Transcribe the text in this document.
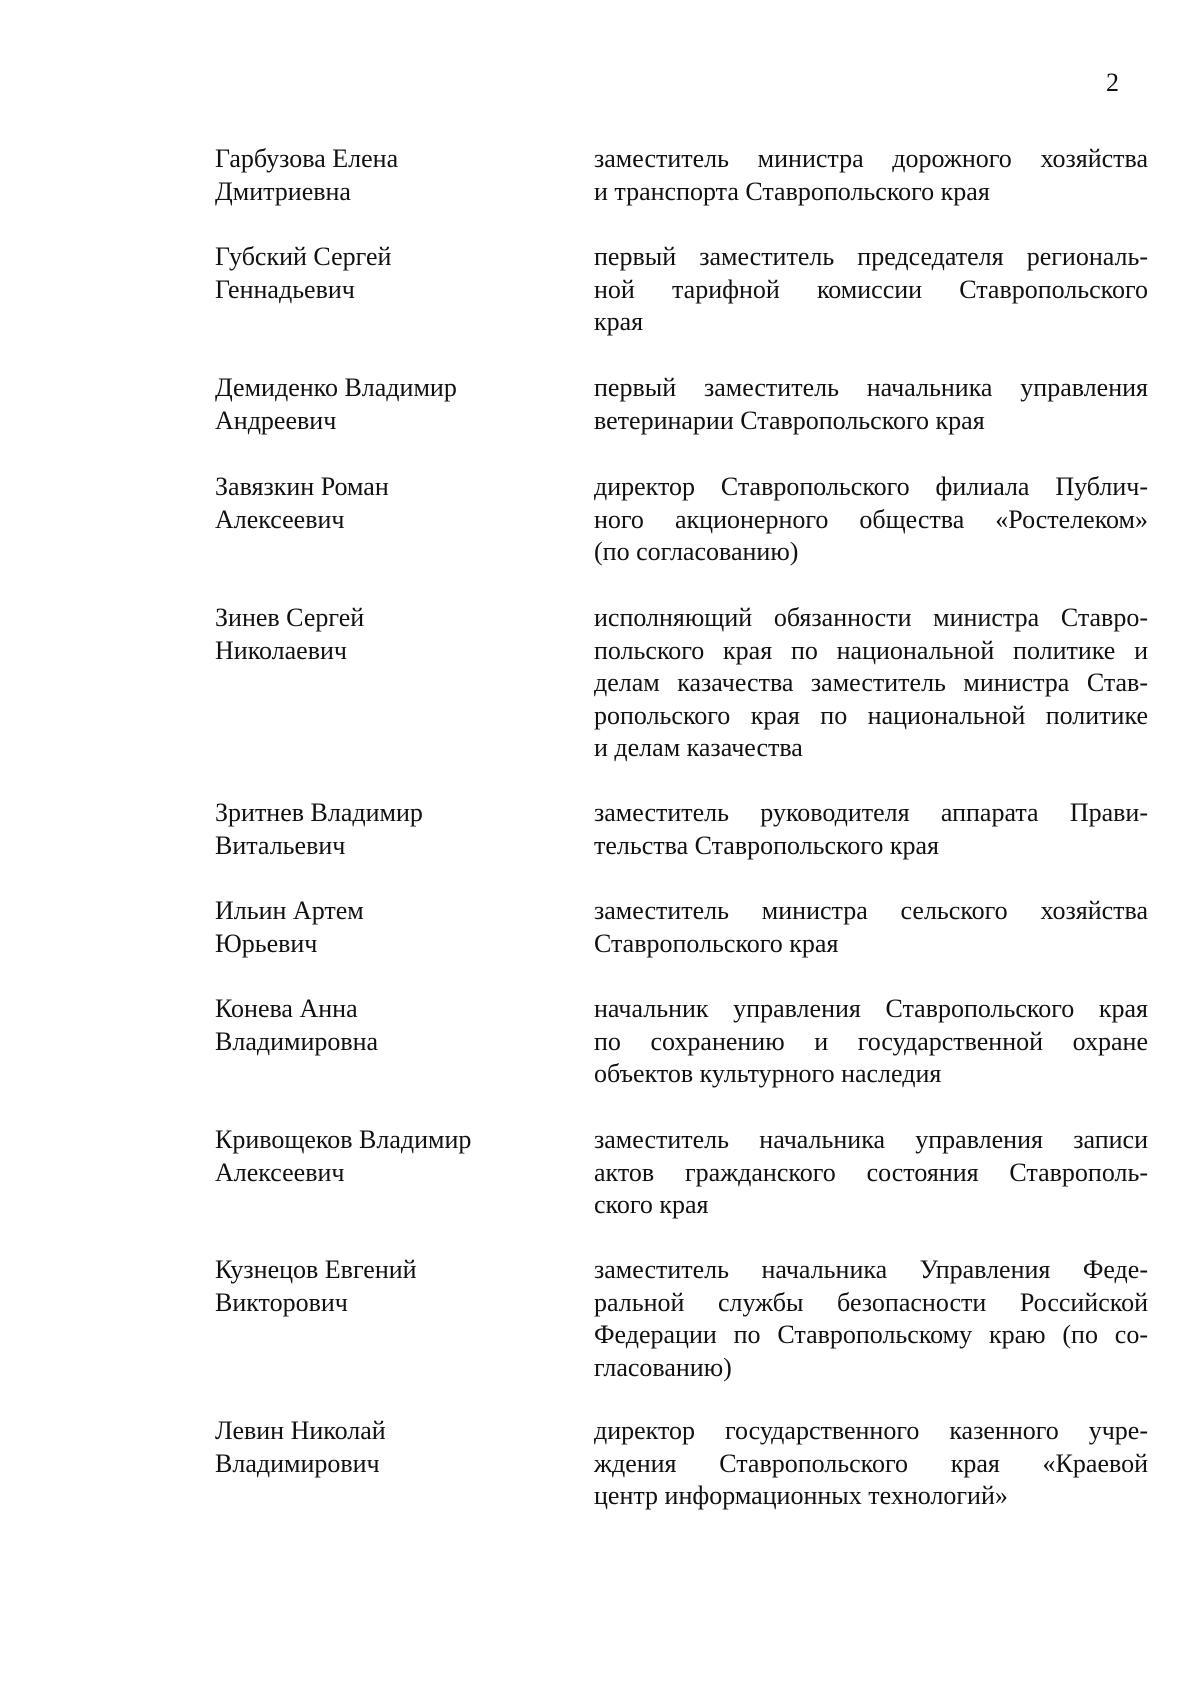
2
Гарбузова Елена
Дмитриевна
заместитель министра дорожного хозяйства
и транспорта Ставропольского края
Губский Сергей
Геннадьевич
первый заместитель председателя региональ-
ной тарифной комиссии Ставропольского
края
Демиденко Владимир
Андреевич
первый заместитель начальника управления
ветеринарии Ставропольского края
Завязкин Роман
Алексеевич
директор Ставропольского филиала Публич-
ного акционерного общества «Ростелеком»
(по согласованию)
Зинев Сергей
Николаевич
исполняющий обязанности министра Ставро-
польского края по национальной политике и
делам казачества заместитель министра Став-
ропольского края по национальной политике
и делам казачества
Зритнев Владимир
Витальевич
заместитель руководителя аппарата Прави-
тельства Ставропольского края
Ильин Артем
Юрьевич
заместитель министра сельского хозяйства
Ставропольского края
Конева Анна
Владимировна
начальник управления Ставропольского края
по сохранению и государственной охране
объектов культурного наследия
Кривощеков Владимир
Алексеевич
заместитель начальника управления записи
актов гражданского состояния Ставрополь-
ского края
Кузнецов Евгений
Викторович
заместитель начальника Управления Феде-
ральной службы безопасности Российской
Федерации по Ставропольскому краю (по со-
гласованию)
Левин Николай
Владимирович
директор государственного казенного учре-
ждения Ставропольского края «Краевой
центр информационных технологий»
